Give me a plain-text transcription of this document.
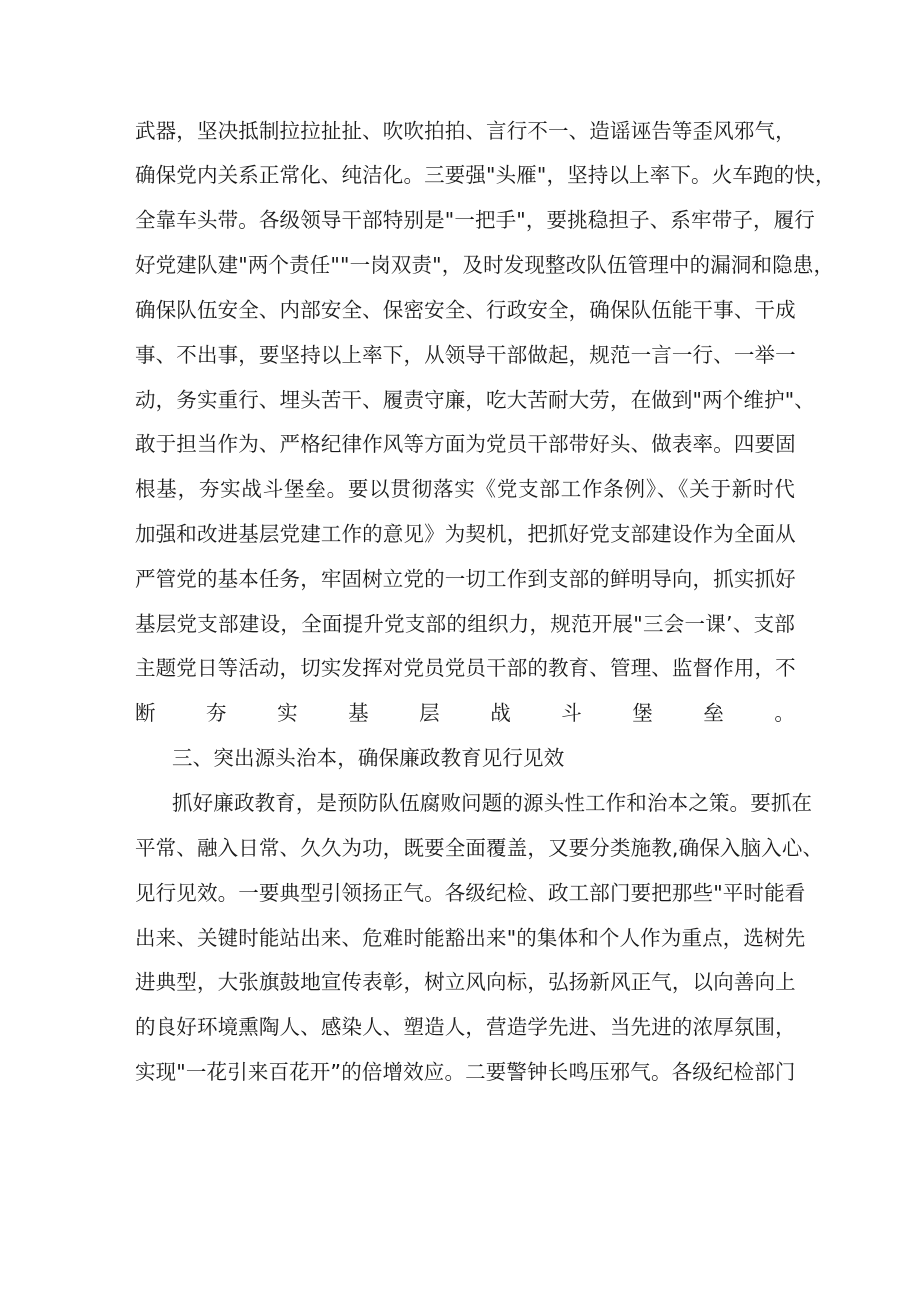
武器，坚决抵制拉拉扯扯、吹吹拍拍、言行不一、造谣诬告等歪风邪气，
确保党内关系正常化、纯洁化。三要强"头雁"，坚持以上率下。火车跑的快，
全靠车头带。各级领导干部特别是"一把手"，要挑稳担子、系牢带子，履行
好党建队建"两个责任""一岗双责"，及时发现整改队伍管理中的漏洞和隐患，
确保队伍安全、内部安全、保密安全、行政安全，确保队伍能干事、干成
事、不出事，要坚持以上率下，从领导干部做起，规范一言一行、一举一
动，务实重行、埋头苦干、履责守廉，吃大苦耐大劳，在做到"两个维护"、
敢于担当作为、严格纪律作风等方面为党员干部带好头、做表率。四要固
根基，夯实战斗堡垒。要以贯彻落实《党支部工作条例》、《关于新时代
加强和改进基层党建工作的意见》为契机，把抓好党支部建设作为全面从
严管党的基本任务，牢固树立党的一切工作到支部的鲜明导向，抓实抓好
基层党支部建设，全面提升党支部的组织力，规范开展"三会一课’、支部
主题党日等活动，切实发挥对党员党员干部的教育、管理、监督作用，不
断夯实基层战斗堡垒。
三、突出源头治本，确保廉政教育见行见效
抓好廉政教育，是预防队伍腐败问题的源头性工作和治本之策。要抓在
平常、融入日常、久久为功，既要全面覆盖，又要分类施教,确保入脑入心、
见行见效。一要典型引领扬正气。各级纪检、政工部门要把那些"平时能看
出来、关键时能站出来、危难时能豁出来"的集体和个人作为重点，选树先
进典型，大张旗鼓地宣传表彰，树立风向标，弘扬新风正气，以向善向上
的良好环境熏陶人、感染人、塑造人，营造学先进、当先进的浓厚氛围，
实现"一花引来百花开”的倍增效应。二要警钟长鸣压邪气。各级纪检部门
